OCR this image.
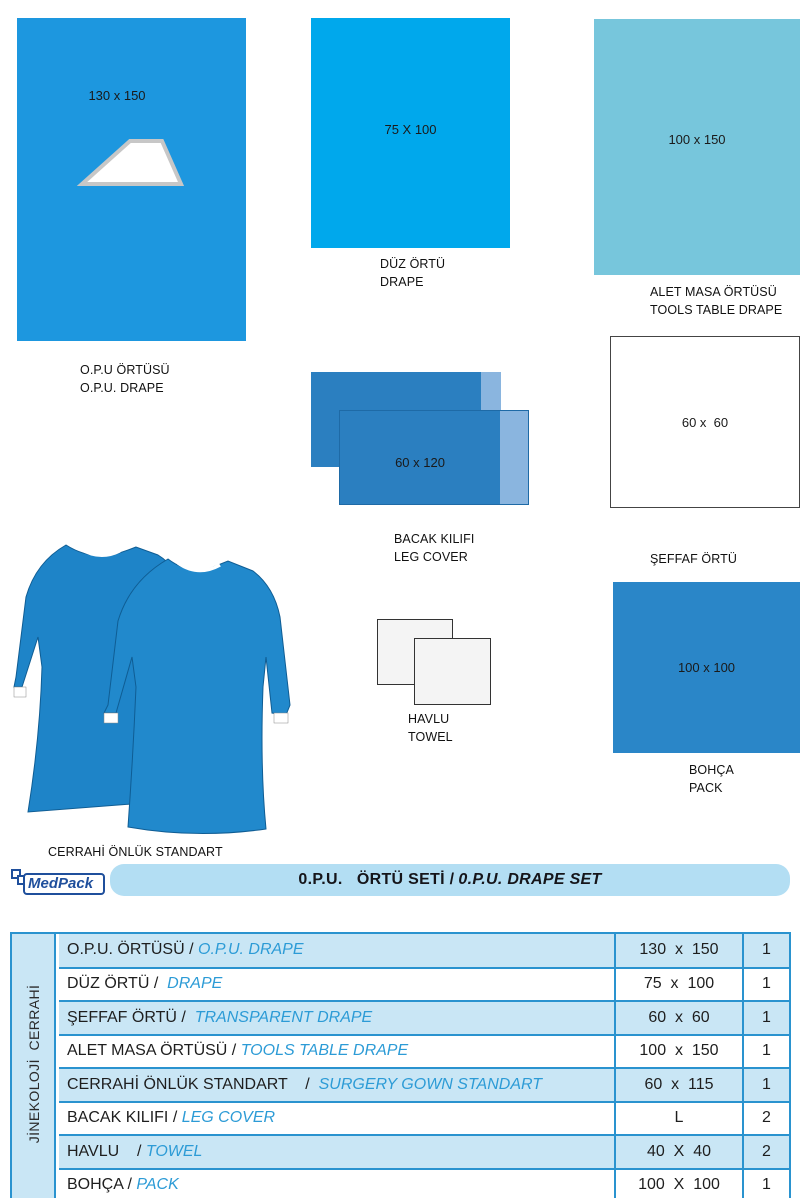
130 x 150
O.P.U ÖRTÜSÜ
O.P.U. DRAPE
75 X 100
DÜZ ÖRTÜ
DRAPE
100 x 150
ALET MASA ÖRTÜSÜ
TOOLS TABLE DRAPE
60 x 120
BACAK KILIFI
LEG COVER
60 x  60

ŞEFFAF ÖRTÜ

HAVLU
TOWEL
100 x 100
BOHÇA
PACK
CERRAHİ ÖNLÜK STANDART
MedPack	0.P.U.   ÖRTÜ SETİ / 0.P.U. DRAPE SET
JİNEKOLOJİ  CERRAHİ
O.P.U. ÖRTÜSÜ / O.P.U. DRAPE	130  x  150	1
DÜZ ÖRTÜ /  DRAPE	75  x  100	1
ŞEFFAF ÖRTÜ /  TRANSPARENT DRAPE	60  x  60	1
ALET MASA ÖRTÜSÜ / TOOLS TABLE DRAPE	100  x  150	1
CERRAHİ ÖNLÜK STANDART    /  SURGERY GOWN STANDART	60  x  115	1
BACAK KILIFI / LEG COVER	L	2
HAVLU    / TOWEL	40  X  40	2
BOHÇA / PACK	100  X  100	1
